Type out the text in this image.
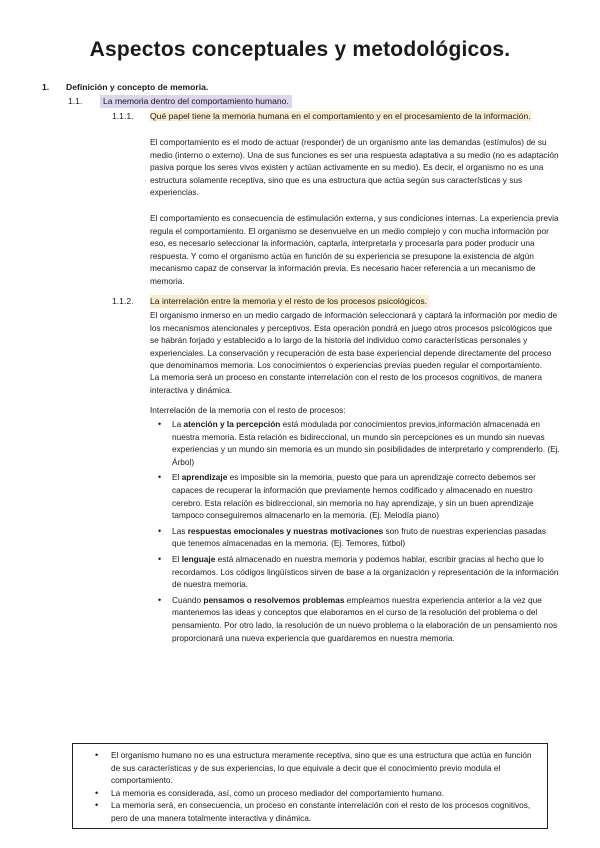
Aspectos conceptuales y metodológicos.
1. Definición y concepto de memoria.
1.1.	La memoria dentro del comportamiento humano.
1.1.1. Qué papel tiene la memoria humana en el comportamiento y en el procesamiento de la información.
El comportamiento es el modo de actuar (responder) de un organismo ante las demandas (estímulos) de su medio (interno o externo). Una de sus funciones es ser una respuesta adaptativa a su medio (no es adaptación pasiva porque los seres vivos existen y actúan activamente en su medio). Es decir, el organismo no es una estructura solamente receptiva, sino que es una estructura que actúa según sus características y sus experiencias.
El comportamiento es consecuencia de estimulación externa, y sus condiciones internas. La experiencia previa regula el comportamiento. El organismo se desenvuelve en un medio complejo y con mucha información por eso, es necesario seleccionar la información, captarla, interpretarla y procesarla para poder producir una respuesta. Y como el organismo actúa en función de su experiencia se presupone la existencia de algún mecanismo capaz de conservar la información previa. Es necesario hacer referencia a un mecanismo de memoria.
1.1.2. La interrelación entre la memoria y el resto de los procesos psicológicos.
El organismo inmerso en un medio cargado de información seleccionará y captará la información por medio de los mecanismos atencionales y perceptivos. Esta operación pondrá en juego otros procesos psicológicos que se habrán forjado y establecido a lo largo de la historia del individuo como características personales y experienciales. La conservación y recuperación de esta base experiencial depende directamente del proceso que denominamos memoria. Los conocimientos o experiencias previas pueden regular el comportamiento.
La memoria será un proceso en constante interrelación con el resto de los procesos cognitivos, de manera interactiva y dinámica.
Interrelación de la memoria con el resto de procesos:
• La atención y la percepción está modulada por conocimientos previos,información almacenada en nuestra memoria. Esta relación es bidireccional, un mundo sin percepciones es un mundo sin nuevas experiencias y un mundo sin memoria es un mundo sin posibilidades de interpretarlo y comprenderlo. (Ej. Árbol)
• El aprendizaje es imposible sin la memoria, puesto que para un aprendizaje correcto debemos ser capaces de recuperar la información que previamente hemos codificado y almacenado en nuestro cerebro. Esta relación es bidireccional, sin memoria no hay aprendizaje, y sin un buen aprendizaje tampoco conseguiremos almacenarlo en la memoria. (Ej. Melodía piano)
• Las respuestas emocionales y nuestras motivaciones son fruto de nuestras experiencias pasadas que tenemos almacenadas en la memoria. (Ej. Temores, fútbol)
• El lenguaje está almacenado en nuestra memoria y podemos hablar, escribir gracias al hecho que lo recordamos. Los códigos lingüísticos sirven de base a la organización y representación de la información de nuestra memoria.
• Cuando pensamos o resolvemos problemas empleamos nuestra experiencia anterior a la vez que mantenemos las ideas y conceptos que elaboramos en el curso de la resolución del problema o del pensamiento. Por otro lado, la resolución de un nuevo problema o la elaboración de un pensamiento nos proporcionará una nueva experiencia que guardaremos en nuestra memoria.
• El organismo humano no es una estructura meramente receptiva, sino que es una estructura que actúa en función de sus características y de sus experiencias, lo que equivale a decir que el conocimiento previo modula el comportamiento.
• La memoria es considerada, así, como un proceso mediador del comportamiento humano.
• La memoria será, en consecuencia, un proceso en constante interrelación con el resto de los procesos cognitivos, pero de una manera totalmente interactiva y dinámica.
